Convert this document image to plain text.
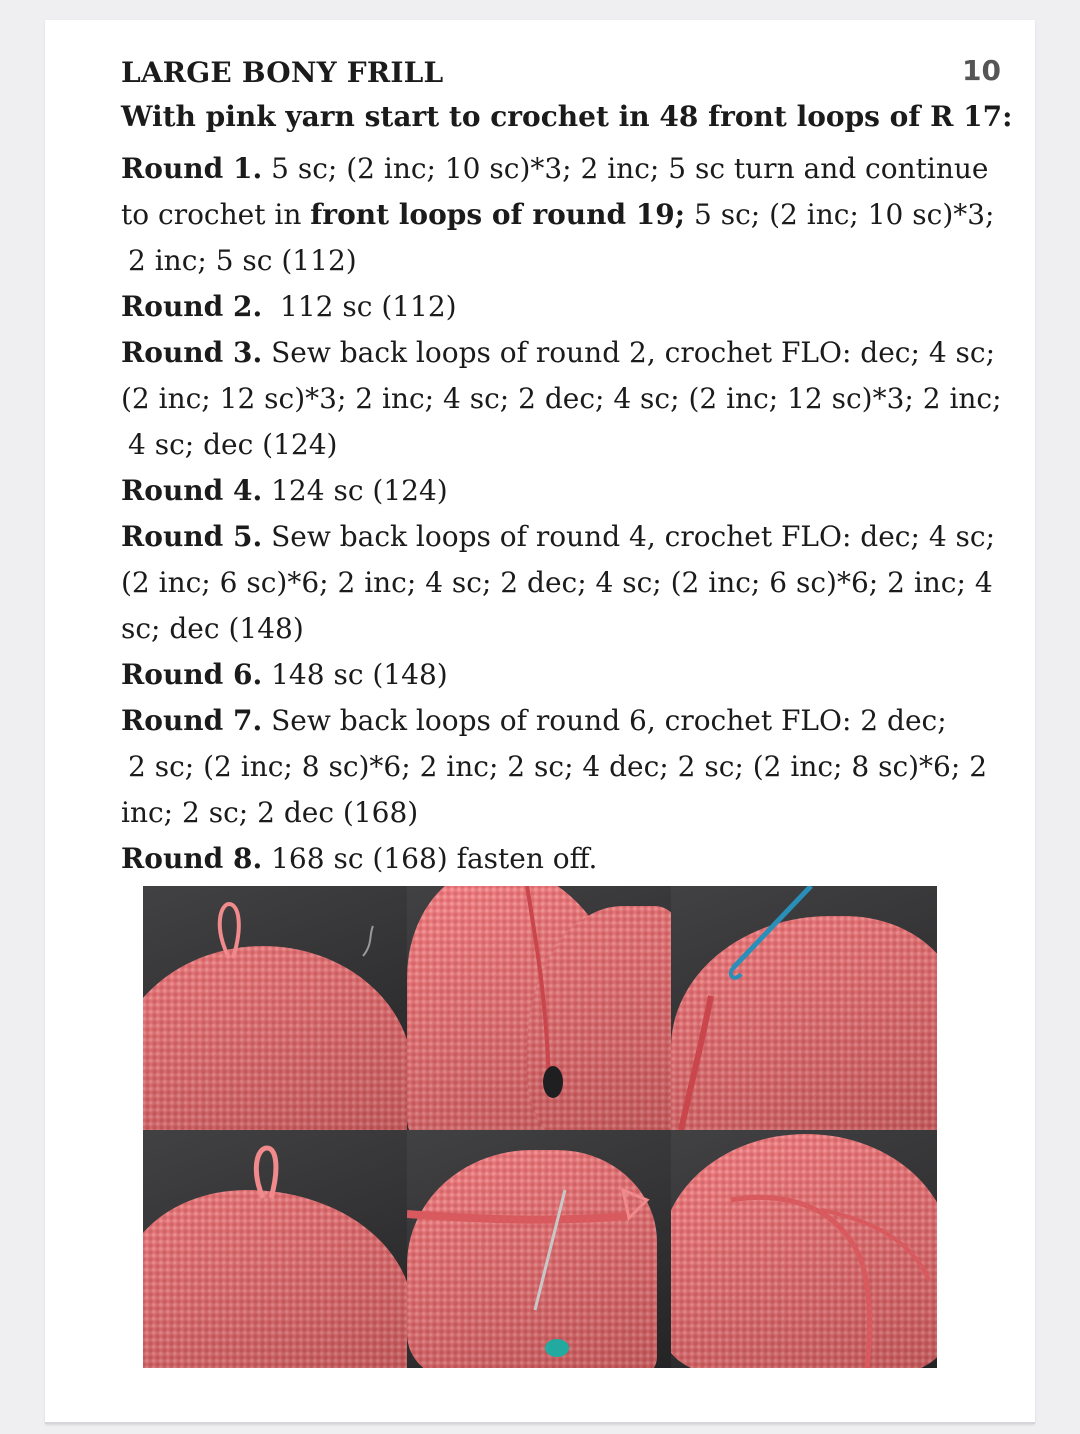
LARGE BONY FRILL	10
With pink yarn start to crochet in 48 front loops of R 17:
Round 1. 5 sc; (2 inc; 10 sc)*3; 2 inc; 5 sc turn and continue
to crochet in front loops of round 19; 5 sc; (2 inc; 10 sc)*3;
2 inc; 5 sc (112)
Round 2.  112 sc (112)
Round 3. Sew back loops of round 2, crochet FLO: dec; 4 sc;
(2 inc; 12 sc)*3; 2 inc; 4 sc; 2 dec; 4 sc; (2 inc; 12 sc)*3; 2 inc;
4 sc; dec (124)
Round 4. 124 sc (124)
Round 5. Sew back loops of round 4, crochet FLO: dec; 4 sc;
(2 inc; 6 sc)*6; 2 inc; 4 sc; 2 dec; 4 sc; (2 inc; 6 sc)*6; 2 inc; 4
sc; dec (148)
Round 6. 148 sc (148)
Round 7. Sew back loops of round 6, crochet FLO: 2 dec;
2 sc; (2 inc; 8 sc)*6; 2 inc; 2 sc; 4 dec; 2 sc; (2 inc; 8 sc)*6; 2
inc; 2 sc; 2 dec (168)
Round 8. 168 sc (168) fasten off.
